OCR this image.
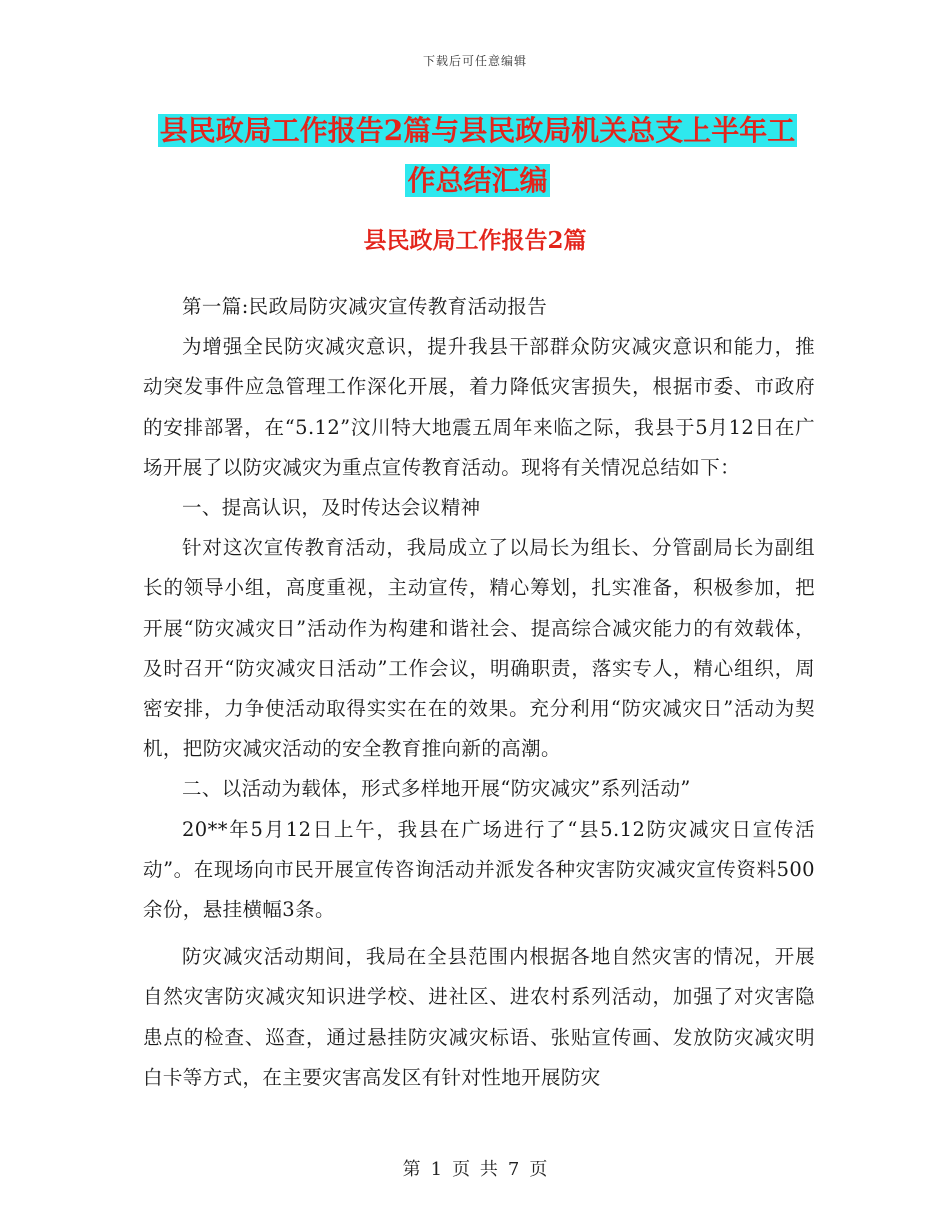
下载后可任意编辑
县民政局工作报告2篇与县民政局机关总支上半年工
作总结汇编
县民政局工作报告2篇

第一篇:民政局防灾减灾宣传教育活动报告

为增强全民防灾减灾意识，提升我县干部群众防灾减灾意识和能力，推动突发事件应急管理工作深化开展，着力降低灾害损失，根据市委、市政府的安排部署，在“5.12”汶川特大地震五周年来临之际，我县于5月12日在广场开展了以防灾减灾为重点宣传教育活动。现将有关情况总结如下：

一、提高认识，及时传达会议精神

针对这次宣传教育活动，我局成立了以局长为组长、分管副局长为副组长的领导小组，高度重视，主动宣传，精心筹划，扎实准备，积极参加，把开展“防灾减灾日”活动作为构建和谐社会、提高综合减灾能力的有效载体，及时召开“防灾减灾日活动”工作会议，明确职责，落实专人，精心组织，周密安排，力争使活动取得实实在在的效果。充分利用“防灾减灾日”活动为契机，把防灾减灾活动的安全教育推向新的高潮。

二、以活动为载体，形式多样地开展“防灾减灾”系列活动”

20**年5月12日上午，我县在广场进行了“县5.12防灾减灾日宣传活动”。在现场向市民开展宣传咨询活动并派发各种灾害防灾减灾宣传资料500余份，悬挂横幅3条。

防灾减灾活动期间，我局在全县范围内根据各地自然灾害的情况，开展自然灾害防灾减灾知识进学校、进社区、进农村系列活动，加强了对灾害隐患点的检查、巡查，通过悬挂防灾减灾标语、张贴宣传画、发放防灾减灾明白卡等方式，在主要灾害高发区有针对性地开展防灾

第 1 页 共 7 页
